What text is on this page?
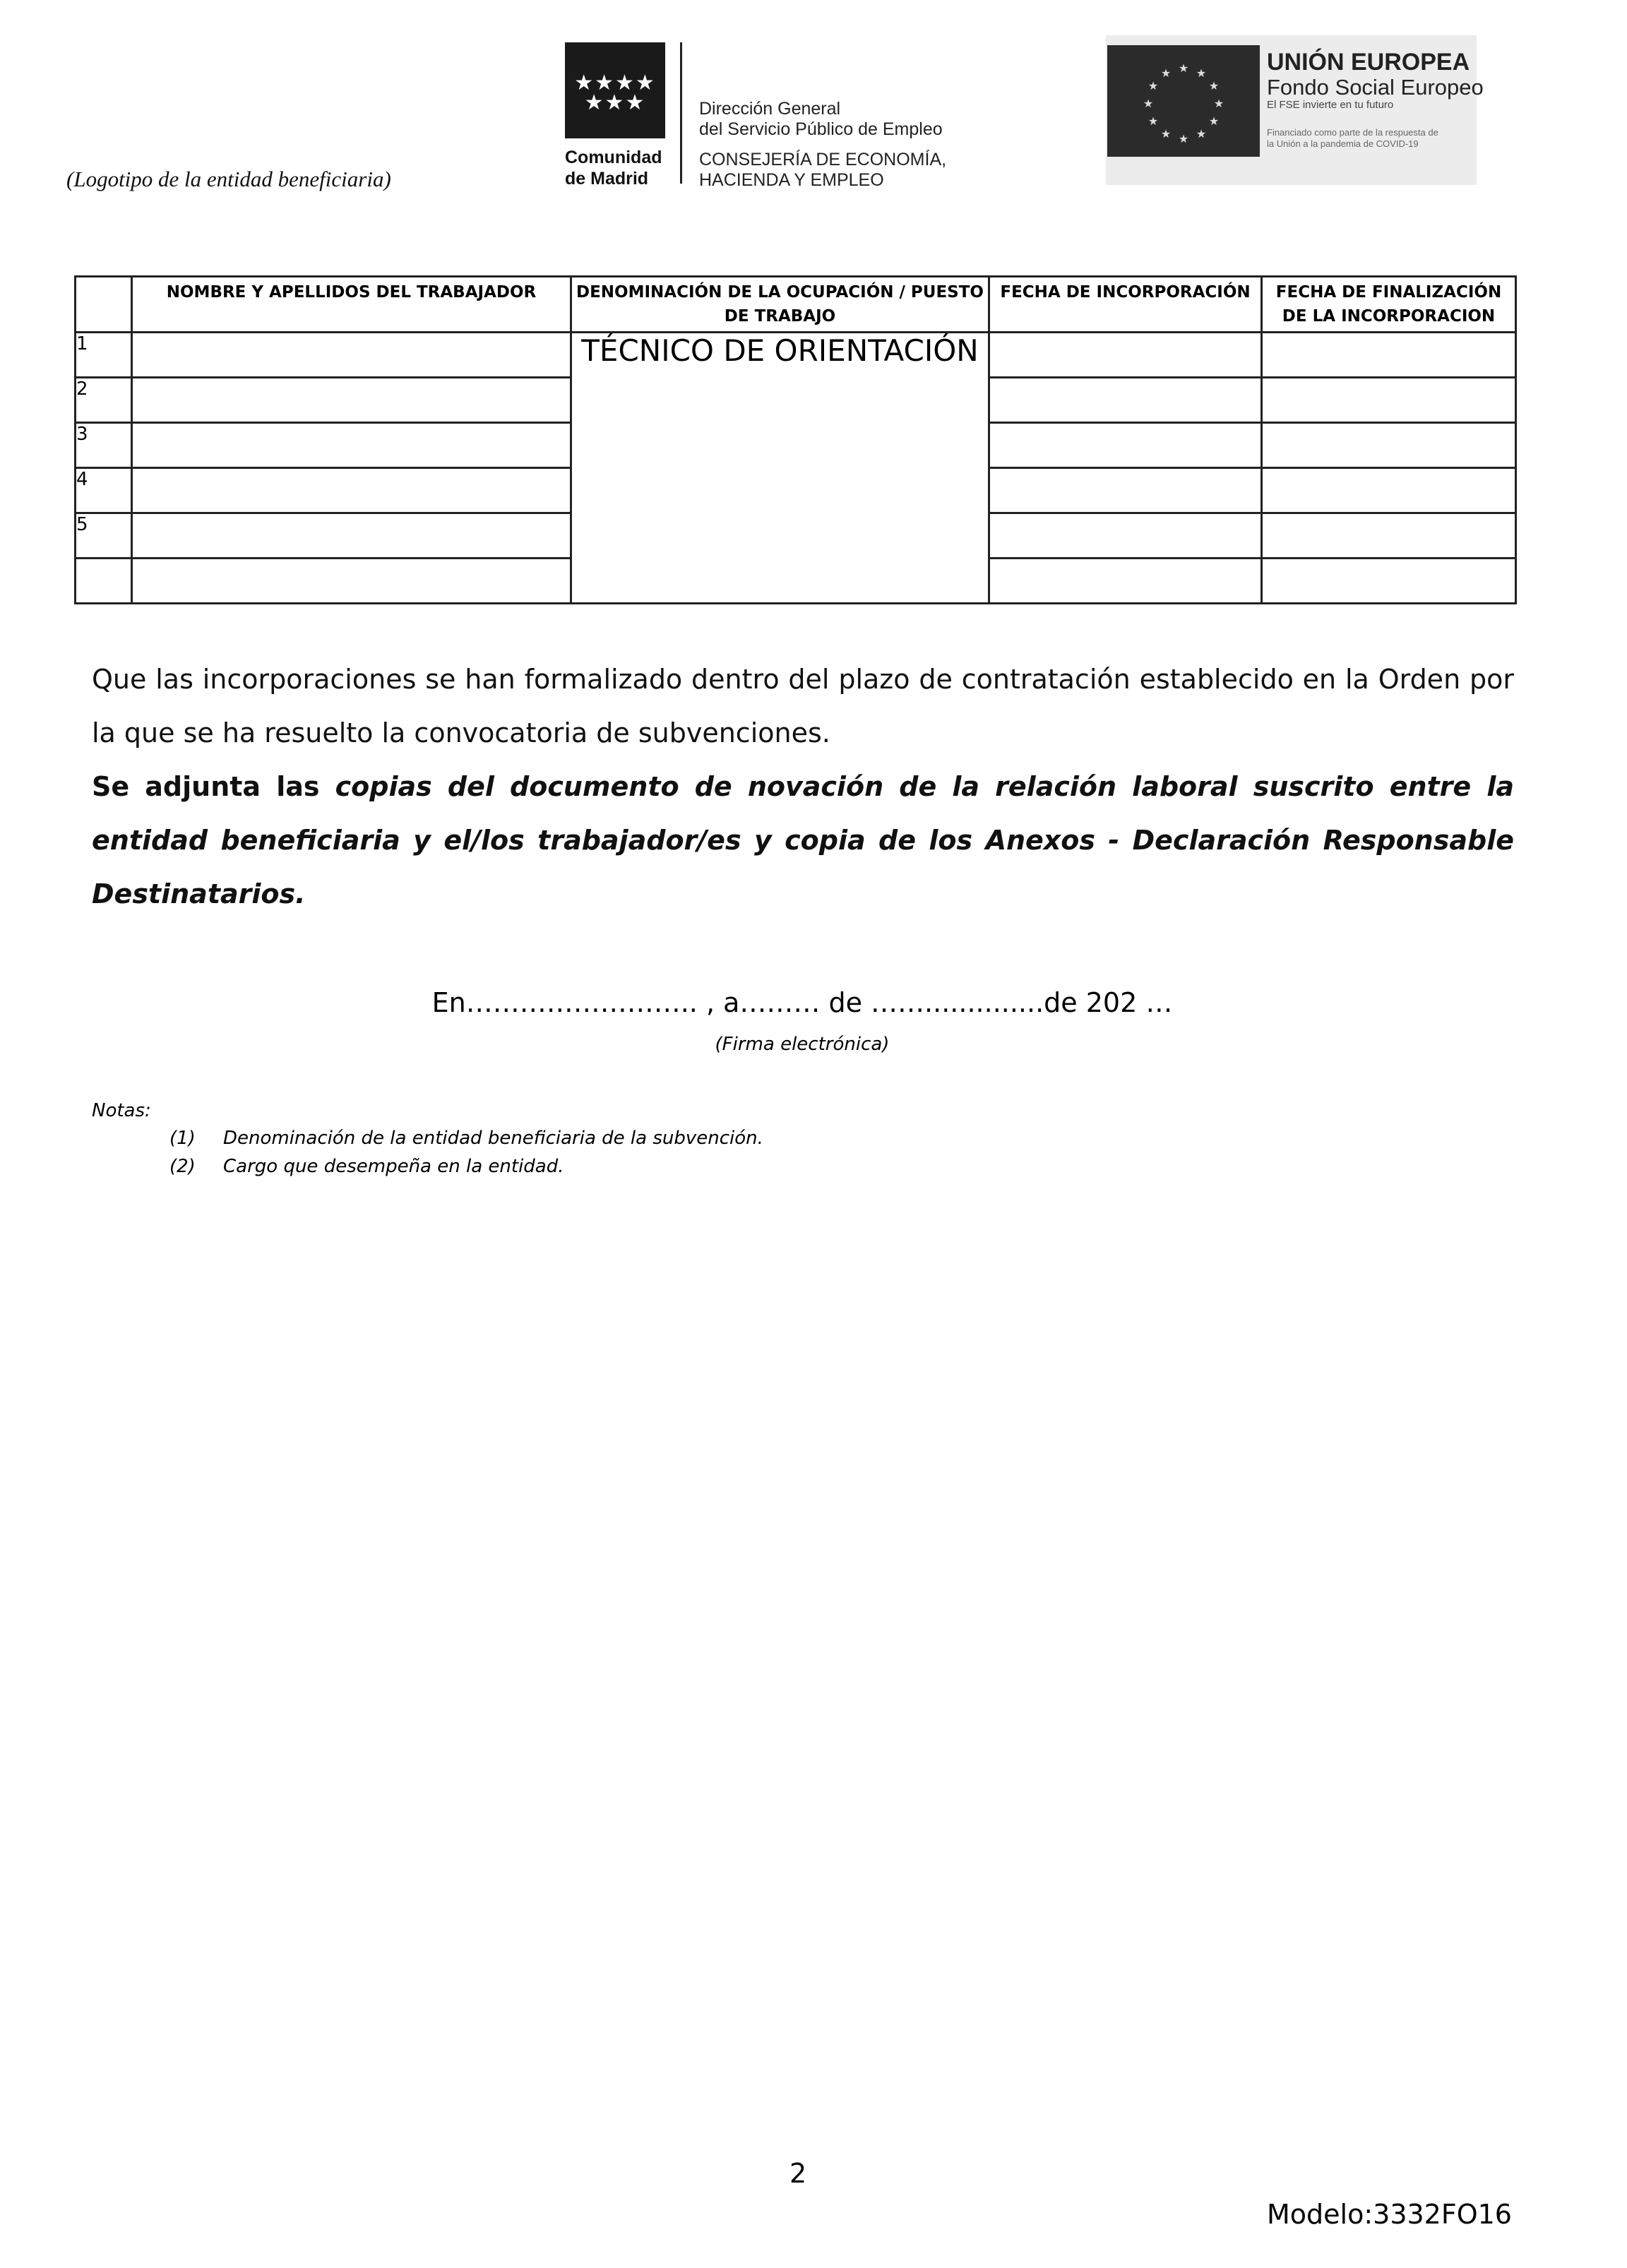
(Logotipo de la entidad beneficiaria)
★★★★
★★★
Comunidad
de Madrid
Dirección General
del Servicio Público de Empleo
CONSEJERÍA DE ECONOMÍA,
HACIENDA Y EMPLEO
★ ★
★
★
★
★
★
★
★
★
★
★	UNIÓN EUROPEA
Fondo Social Europeo
El FSE invierte en tu futuro
Financiado como parte de la respuesta de
la Unión a la pandemia de COVID-19
	NOMBRE Y APELLIDOS DEL TRABAJADOR	DENOMINACIÓN DE LA OCUPACIÓN / PUESTO DE TRABAJO	FECHA DE INCORPORACIÓN	FECHA DE FINALIZACIÓN DE LA INCORPORACION
1		TÉCNICO DE ORIENTACIÓN		
2				
3				
4				
5				

Que las incorporaciones se han formalizado dentro del plazo de contratación establecido en la Orden por la que se ha resuelto la convocatoria de subvenciones.

Se adjunta las copias del documento de novación de la relación laboral suscrito entre la entidad beneficiaria y el/los trabajador/es y copia de los Anexos - Declaración Responsable Destinatarios.

En…………………….. , a……… de ……..............de 202 …
(Firma electrónica)
Notas:
(1) Denominación de la entidad beneficiaria de la subvención.
(2) Cargo que desempeña en la entidad.
2
Modelo:3332FO16
